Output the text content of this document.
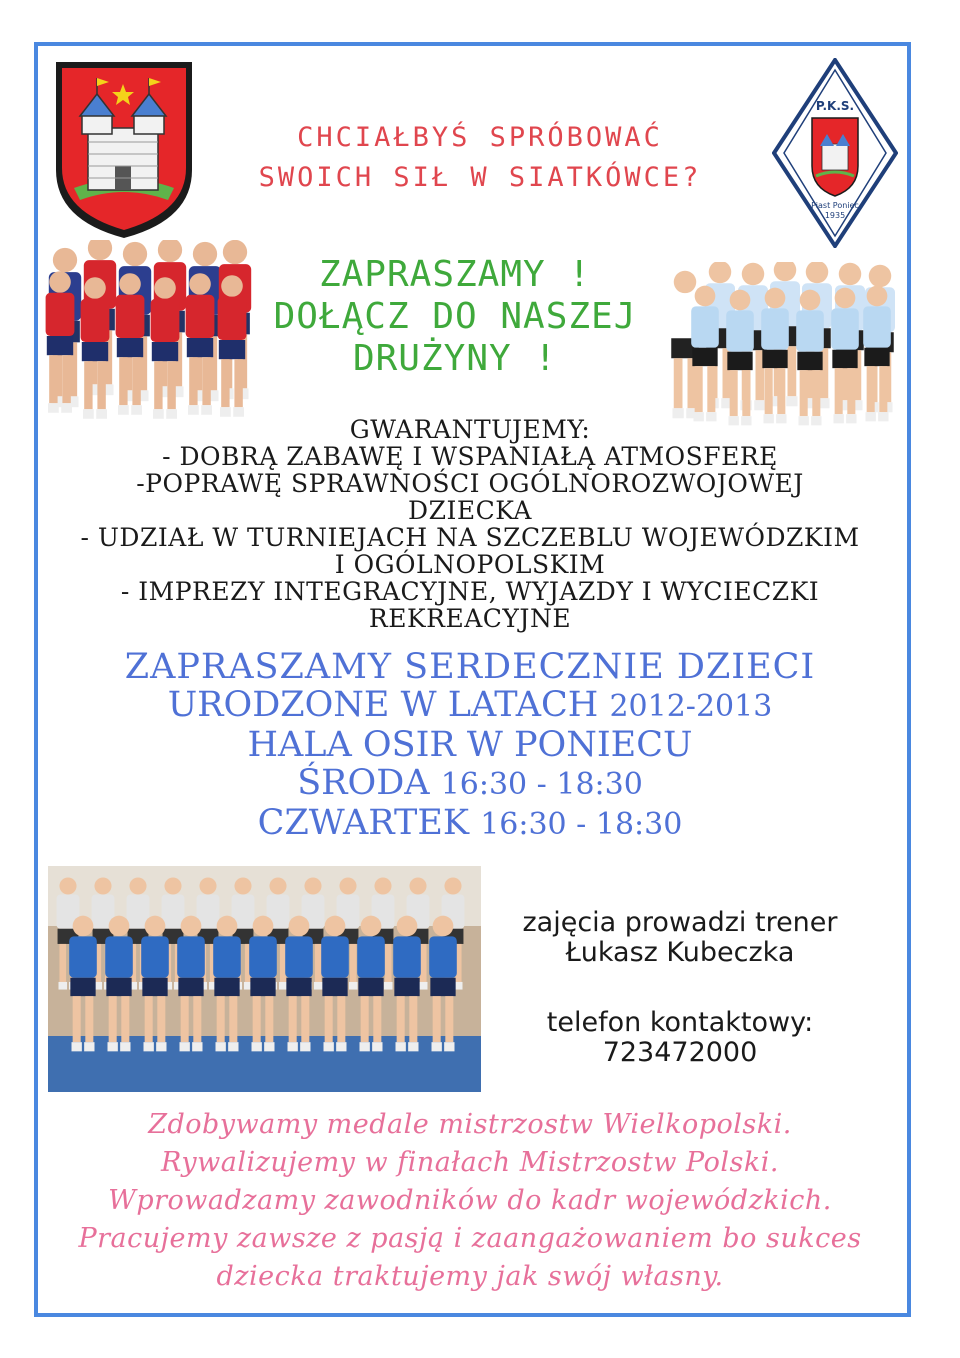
CHCIAŁBYŚ SPRÓBOWAĆ
SWOICH SIŁ W SIATKÓWCE?
P.K.S.
Piast Poniec
1935
ZAPRASZAMY !
DOŁĄCZ DO NASZEJ
DRUŻYNY !
GWARANTUJEMY:
- DOBRĄ ZABAWĘ I WSPANIAŁĄ ATMOSFERĘ
-POPRAWĘ SPRAWNOŚCI OGÓLNOROZWOJOWEJ
DZIECKA
- UDZIAŁ W TURNIEJACH NA SZCZEBLU WOJEWÓDZKIM
I OGÓLNOPOLSKIM
- IMPREZY INTEGRACYJNE, WYJAZDY I WYCIECZKI
REKREACYJNE
ZAPRASZAMY SERDECZNIE DZIECI
URODZONE W LATACH 2012-2013
HALA OSIR W PONIECU
ŚRODA 16:30 - 18:30
CZWARTEK 16:30 - 18:30
zajęcia prowadzi trener
Łukasz Kubeczka
telefon kontaktowy:
723472000
Zdobywamy medale mistrzostw Wielkopolski.
Rywalizujemy w finałach Mistrzostw Polski.
Wprowadzamy zawodników do kadr wojewódzkich.
Pracujemy zawsze z pasją i zaangażowaniem bo sukces
dziecka traktujemy jak swój własny.
